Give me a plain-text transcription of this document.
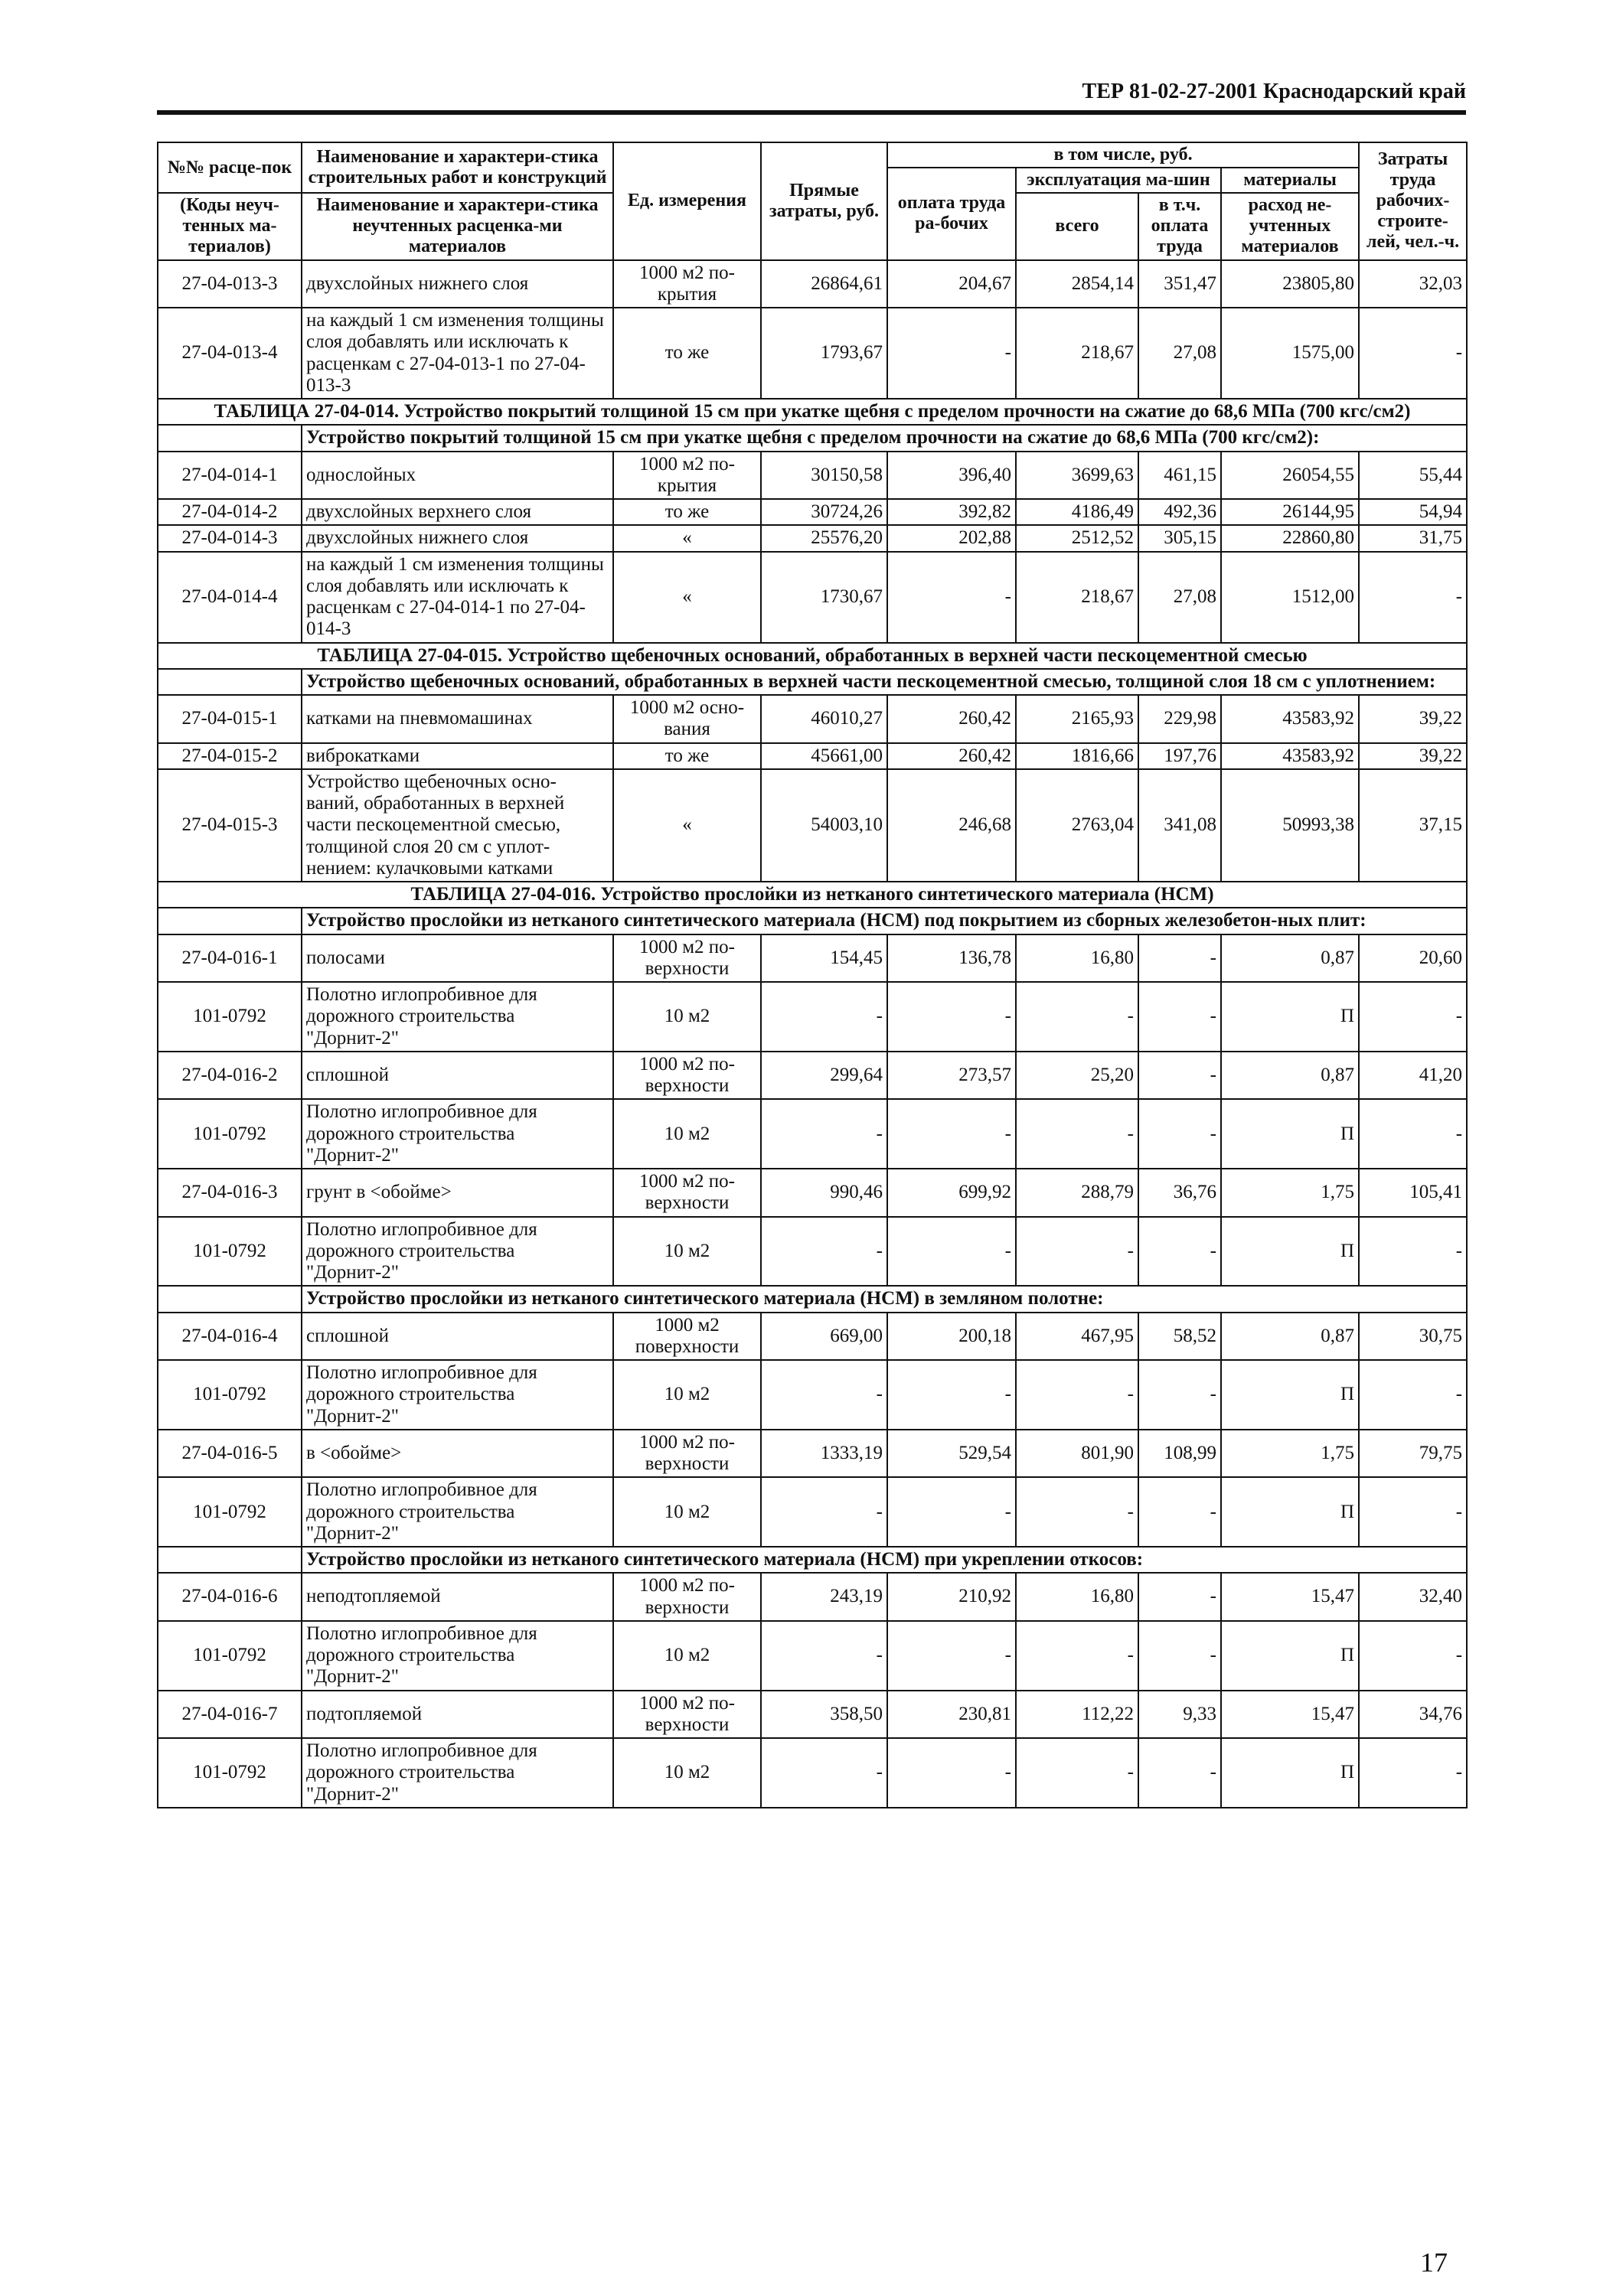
ТЕР 81-02-27-2001 Краснодарский край
№№ расце-пок	Наименование и характери-стика строительных работ и конструкций	Ед. измерения	Прямые затраты, руб.	в том числе, руб.				Затраты труда рабочих-строите-лей, чел.-ч.
				оплата труда ра-бочих	эксплуатация ма-шин		материалы	
(Коды неуч-тенных ма-териалов)	Наименование и характери-стика неучтенных расценка-ми материалов				всего	в т.ч. оплата труда		
							расход не-учтенных материалов	
27-04-013-3	двухслойных нижнего слоя	1000 м2 по-крытия	26864,61	204,67	2854,14	351,47	23805,80	32,03
27-04-013-4	на каждый 1 см изменения толщины слоя добавлять или исключать к расценкам с 27-04-013-1 по 27-04-013-3	то же	1793,67	-	218,67	27,08	1575,00	-
ТАБЛИЦА 27-04-014. Устройство покрытий толщиной 15 см при укатке щебня с пределом прочности на сжатие до 68,6 МПа (700 кгс/см2)								
	Устройство покрытий толщиной 15 см при укатке щебня с пределом прочности на сжатие до 68,6 МПа (700 кгс/см2):							
27-04-014-1	однослойных	1000 м2 по-крытия	30150,58	396,40	3699,63	461,15	26054,55	55,44
27-04-014-2	двухслойных верхнего слоя	то же	30724,26	392,82	4186,49	492,36	26144,95	54,94
27-04-014-3	двухслойных нижнего слоя	«	25576,20	202,88	2512,52	305,15	22860,80	31,75
27-04-014-4	на каждый 1 см изменения толщины слоя добавлять или исключать к расценкам с 27-04-014-1 по 27-04-014-3	«	1730,67	-	218,67	27,08	1512,00	-
ТАБЛИЦА 27-04-015. Устройство щебеночных оснований, обработанных в верхней части пескоцементной смесью								
	Устройство щебеночных оснований, обработанных в верхней части пескоцементной смесью, толщиной слоя 18 см с уплотнением:							
27-04-015-1	катками на пневмомашинах	1000 м2 осно-вания	46010,27	260,42	2165,93	229,98	43583,92	39,22
27-04-015-2	виброкатками	то же	45661,00	260,42	1816,66	197,76	43583,92	39,22
27-04-015-3	Устройство щебеночных осно-ваний, обработанных в верхней части пескоцементной смесью, толщиной слоя 20 см с уплот-нением: кулачковыми катками	«	54003,10	246,68	2763,04	341,08	50993,38	37,15
ТАБЛИЦА 27-04-016. Устройство прослойки из нетканого синтетического материала (НСМ)								
	Устройство прослойки из нетканого синтетического материала (НСМ) под покрытием из сборных железобетон-ных плит:							
27-04-016-1	полосами	1000 м2 по-верхности	154,45	136,78	16,80	-	0,87	20,60
101-0792	Полотно иглопробивное для дорожного строительства "Дорнит-2"	10 м2	-	-	-	-	П	-
27-04-016-2	сплошной	1000 м2 по-верхности	299,64	273,57	25,20	-	0,87	41,20
101-0792	Полотно иглопробивное для дорожного строительства "Дорнит-2"	10 м2	-	-	-	-	П	-
27-04-016-3	грунт в <обойме>	1000 м2 по-верхности	990,46	699,92	288,79	36,76	1,75	105,41
101-0792	Полотно иглопробивное для дорожного строительства "Дорнит-2"	10 м2	-	-	-	-	П	-
	Устройство прослойки из нетканого синтетического материала (НСМ) в земляном полотне:							
27-04-016-4	сплошной	1000 м2 поверхности	669,00	200,18	467,95	58,52	0,87	30,75
101-0792	Полотно иглопробивное для дорожного строительства "Дорнит-2"	10 м2	-	-	-	-	П	-
27-04-016-5	в <обойме>	1000 м2 по-верхности	1333,19	529,54	801,90	108,99	1,75	79,75
101-0792	Полотно иглопробивное для дорожного строительства "Дорнит-2"	10 м2	-	-	-	-	П	-
	Устройство прослойки из нетканого синтетического материала (НСМ) при укреплении откосов:							
27-04-016-6	неподтопляемой	1000 м2 по-верхности	243,19	210,92	16,80	-	15,47	32,40
101-0792	Полотно иглопробивное для дорожного строительства "Дорнит-2"	10 м2	-	-	-	-	П	-
27-04-016-7	подтопляемой	1000 м2 по-верхности	358,50	230,81	112,22	9,33	15,47	34,76
101-0792	Полотно иглопробивное для дорожного строительства "Дорнит-2"	10 м2	-	-	-	-	П	-
17
